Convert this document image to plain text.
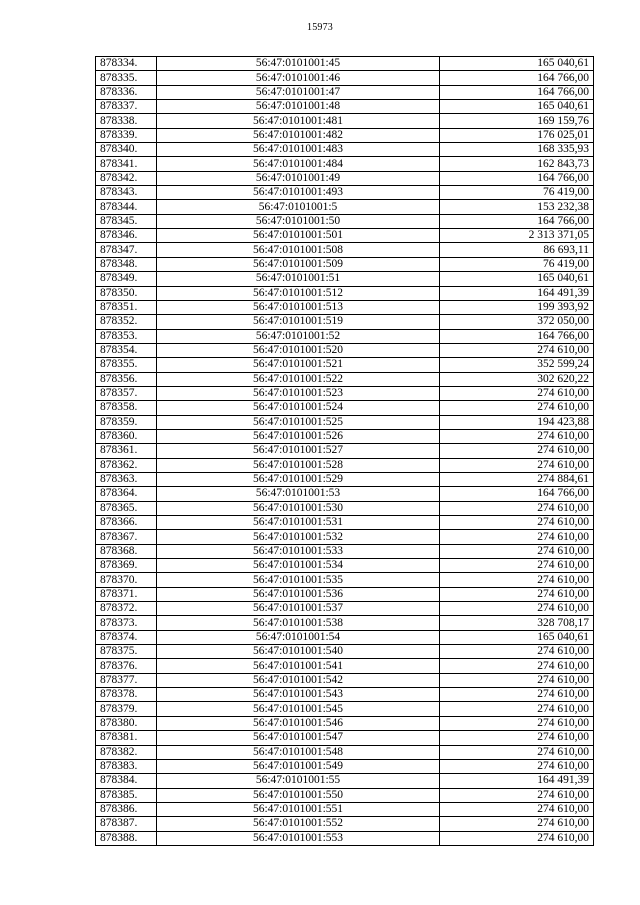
15973
878334.	56:47:0101001:45	165 040,61
878335.	56:47:0101001:46	164 766,00
878336.	56:47:0101001:47	164 766,00
878337.	56:47:0101001:48	165 040,61
878338.	56:47:0101001:481	169 159,76
878339.	56:47:0101001:482	176 025,01
878340.	56:47:0101001:483	168 335,93
878341.	56:47:0101001:484	162 843,73
878342.	56:47:0101001:49	164 766,00
878343.	56:47:0101001:493	76 419,00
878344.	56:47:0101001:5	153 232,38
878345.	56:47:0101001:50	164 766,00
878346.	56:47:0101001:501	2 313 371,05
878347.	56:47:0101001:508	86 693,11
878348.	56:47:0101001:509	76 419,00
878349.	56:47:0101001:51	165 040,61
878350.	56:47:0101001:512	164 491,39
878351.	56:47:0101001:513	199 393,92
878352.	56:47:0101001:519	372 050,00
878353.	56:47:0101001:52	164 766,00
878354.	56:47:0101001:520	274 610,00
878355.	56:47:0101001:521	352 599,24
878356.	56:47:0101001:522	302 620,22
878357.	56:47:0101001:523	274 610,00
878358.	56:47:0101001:524	274 610,00
878359.	56:47:0101001:525	194 423,88
878360.	56:47:0101001:526	274 610,00
878361.	56:47:0101001:527	274 610,00
878362.	56:47:0101001:528	274 610,00
878363.	56:47:0101001:529	274 884,61
878364.	56:47:0101001:53	164 766,00
878365.	56:47:0101001:530	274 610,00
878366.	56:47:0101001:531	274 610,00
878367.	56:47:0101001:532	274 610,00
878368.	56:47:0101001:533	274 610,00
878369.	56:47:0101001:534	274 610,00
878370.	56:47:0101001:535	274 610,00
878371.	56:47:0101001:536	274 610,00
878372.	56:47:0101001:537	274 610,00
878373.	56:47:0101001:538	328 708,17
878374.	56:47:0101001:54	165 040,61
878375.	56:47:0101001:540	274 610,00
878376.	56:47:0101001:541	274 610,00
878377.	56:47:0101001:542	274 610,00
878378.	56:47:0101001:543	274 610,00
878379.	56:47:0101001:545	274 610,00
878380.	56:47:0101001:546	274 610,00
878381.	56:47:0101001:547	274 610,00
878382.	56:47:0101001:548	274 610,00
878383.	56:47:0101001:549	274 610,00
878384.	56:47:0101001:55	164 491,39
878385.	56:47:0101001:550	274 610,00
878386.	56:47:0101001:551	274 610,00
878387.	56:47:0101001:552	274 610,00
878388.	56:47:0101001:553	274 610,00
